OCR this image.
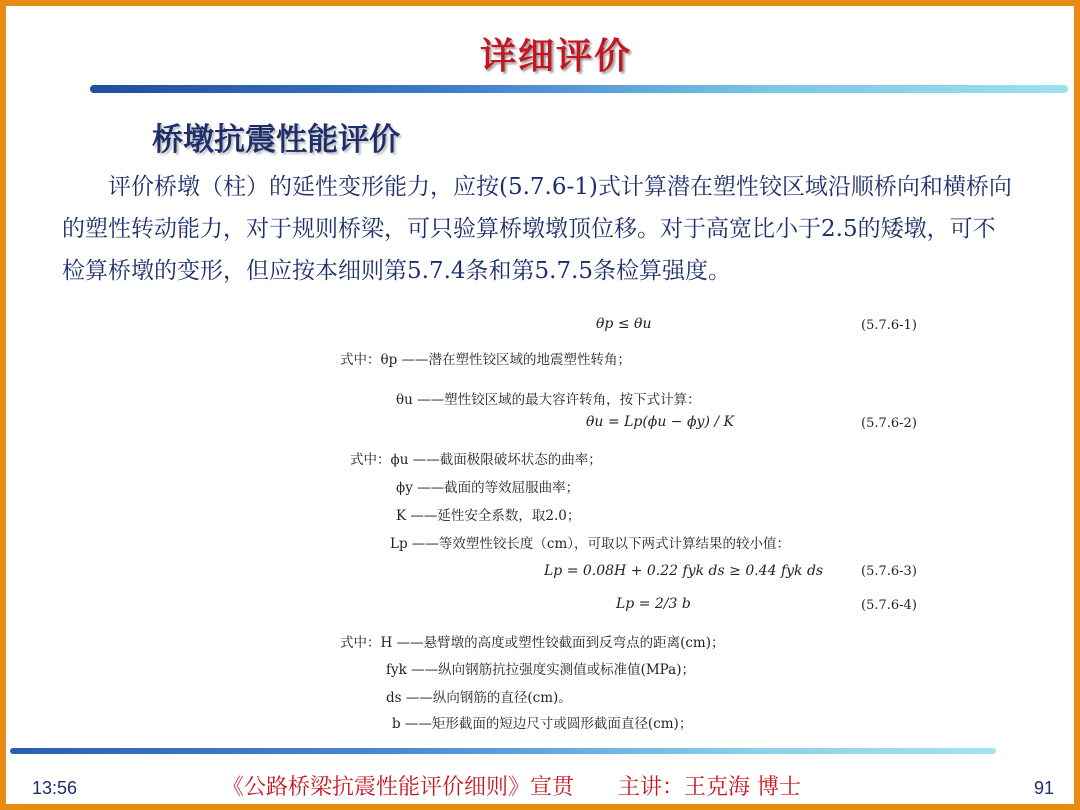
详细评价
桥墩抗震性能评价

评价桥墩（柱）的延性变形能力，应按(5.7.6-1)式计算潜在塑性铰区域沿顺桥向和横桥向的塑性转动能力，对于规则桥梁，可只验算桥墩墩顶位移。对于高宽比小于2.5的矮墩，可不检算桥墩的变形，但应按本细则第5.7.4条和第5.7.5条检算强度。

θp ≤ θu	(5.7.6-1)
式中：θp ——潜在塑性铰区域的地震塑性转角；
θu ——塑性铰区域的最大容许转角，按下式计算：
θu = Lp(ϕu − ϕy) / K	(5.7.6-2)
式中：ϕu ——截面极限破坏状态的曲率；
ϕy ——截面的等效屈服曲率；
K ——延性安全系数，取2.0；
Lp ——等效塑性铰长度（cm），可取以下两式计算结果的较小值：
Lp = 0.08H + 0.22 fyk ds ≥ 0.44 fyk ds	(5.7.6-3)
Lp = 2/3 b	(5.7.6-4)
式中：H ——悬臂墩的高度或塑性铰截面到反弯点的距离(cm)；
fyk ——纵向钢筋抗拉强度实测值或标准值(MPa)；
ds ——纵向钢筋的直径(cm)。
b ——矩形截面的短边尺寸或圆形截面直径(cm)；
13:56	《公路桥梁抗震性能评价细则》宣贯　　主讲：王克海 博士	91
